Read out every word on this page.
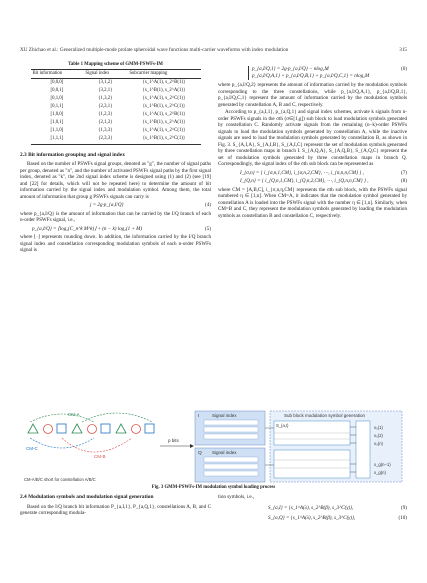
XU Zhichao et al.: Generalized multiple-mode prolate spheroidal wave functions multi-carrier waveforms with index modulation	315
Table 1 Mapping scheme of GMM-PSWFs-IM
Bit information	Signal index	Subcarrier mapping
[0,0,0]	{3,1,2}	{s_1^A(1), s_2^B(1)}
[0,0,1]	{3,2,1}	{s_1^B(1), s_2^A(1)}
[0,1,0]	{1,3,2}	{s_1^A(1), s_2^C(1)}
[0,1,1]	{2,3,1}	{s_1^B(1), s_2^C(1)}
[1,0,0]	{1,2,3}	{s_1^A(1), s_2^B(1)}
[1,0,1]	{2,1,3}	{s_1^B(1), s_2^A(1)}
[1,1,0]	{1,3,3}	{s_1^A(1), s_2^C(1)}
[1,1,1]	{2,3,3}	{s_1^B(1), s_2^C(1)}
2.3 Bit information grouping and signal index

Based on the number of PSWFs signal groups, denoted as "g", the number of signal paths per group, denoted as "n", and the number of activated PSWFs signal paths by the first signal index, denoted as "k", the 2nd signal index scheme is designed using (1) and (2) (see [19] and [22] for details, which will not be repeated here) to determine the amount of bit information carried by the signal index and modulation symbol. Among them, the total amount of information that group g PSWFs signals can carry is

j = 2g·p_{a,I/Q}	(4)

where p_{a,I/Q} is the amount of information that can be carried by the I/Q branch of each n-order PSWFs signal, i.e.,

p_{a,I/Q} = ⌊log₂(C_n^k M^k)⌋ + (n − k) log₂(1 + M)	(5)

where ⌊·⌋ represents rounding down. In addition, the information carried by the I/Q branch signal index and constellation corresponding modulation symbols of each n-order PSWFs signal is

2.4 Modulation symbols and modulation signal generation

Based on the I/Q branch bit information P_{a,I,1}, P_{a,Q,1}, constellations A, B, and C generate corresponding modula-

p_{a,I/Q,1} = 2g·p_{a,I/Q} − nlog₂M
p_{a,I/Q,A,1} + p_{a,I/Q,B,1} + p_{a,I/Q,C,1} = nlog₂M
(6)

where p_{a,I/Q,2} represents the amount of information carried by the modulation symbols corresponding to the three constellations, while p_{a,I/Q,A,1}, p_{a,I/Q,B,1}, p_{a,I/Q,C,1} represent the amount of information carried by the modulation symbols generated by constellation A, B and C, respectively.

According to p_{a,I,1}, p_{a,Q,1} and signal index schemes, activate k signals from n-order PSWFs signals in the σth (σ∈[1,g]) sub block to load modulation symbols generated by constellation C. Randomly activate signals from the remaining (n−k)-order PSWFs signals to load the modulation symbols generated by constellation A, while the inactive signals are used to load the modulation symbols generated by constellation B, as shown in Fig. 3. S_{A,I,A}, S_{A,I,B}, S_{A,I,C} represent the set of modulation symbols generated by three constellation maps in branch I. S_{A,Q,A}, S_{A,Q,B}, S_{A,Q,C} represent the set of modulation symbols generated by three constellation maps in branch Q. Correspondingly, the signal index of the σth sub block can be represented as

I_{σ,n} = { i_{σ,n,1,CM}, i_{σ,n,2,CM}, ⋯, i_{σ,n,n,CM} } ,	(7)
I_{Q,n} = { i_{Q,n,1,CM}, i_{Q,n,2,CM}, ⋯, i_{Q,n,n,CM} } ,	(8)

where CM = [A,B,C], i_{σ,n,η,CM} represents the σth sub block, with the PSWFs signal numbered η ∈ [1,n]. When CM=A, it indicates that the modulation symbol generated by constellation A is loaded into the PSWFs signal with the number η ∈ [1,n]. Similarly, when CM=B and C, they represent the modulation symbols generated by loading the modulation symbols as constellation B and constellation C, respectively.

tion symbols, i.e.,

S_{a,I} = {s_1^A(λ), s_2^B(β), s_3^C(γ)},	(9)
S_{a,Q} = {s_1^A(λ), s_2^B(β), s_3^C(γ)},	(10)
CM-A
CM-C
CM-B
CM-A/B/C short for constellation A/B/C
p bits
I
Q
Signal index
Signal index
Sub block modulation symbol generation
S_{a,I}	x₀(1)
x₀(2)
x₀(n)
x_g(n−1)
x_g(n)
Fig. 3 GMM-PSWFs-IM modulation symbol loading process
